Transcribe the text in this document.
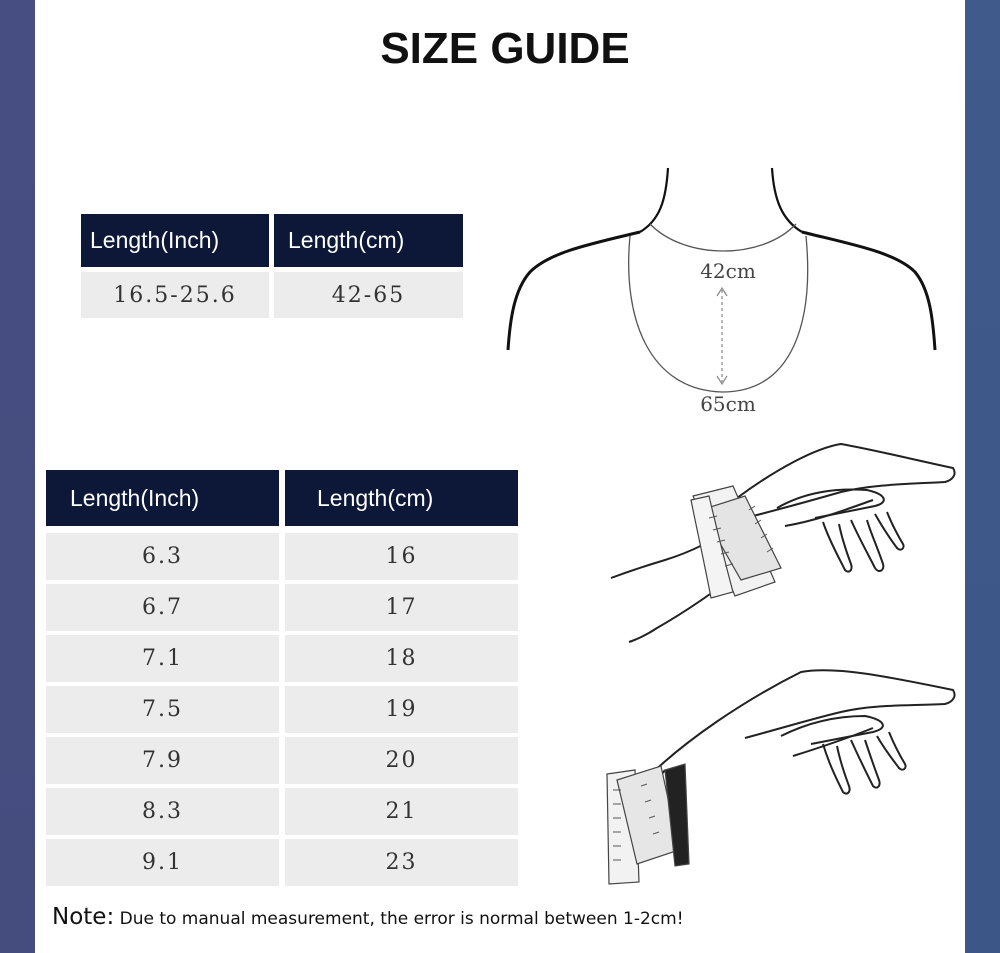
SIZE GUIDE
Length(Inch)	Length(cm)
16.5-25.6	42-65
Length(Inch)	Length(cm)
6.3	16
6.7	17
7.1	18
7.5	19
7.9	20
8.3	21
9.1	23
42cm
65cm
Note: Due to manual measurement, the error is normal between 1-2cm!
